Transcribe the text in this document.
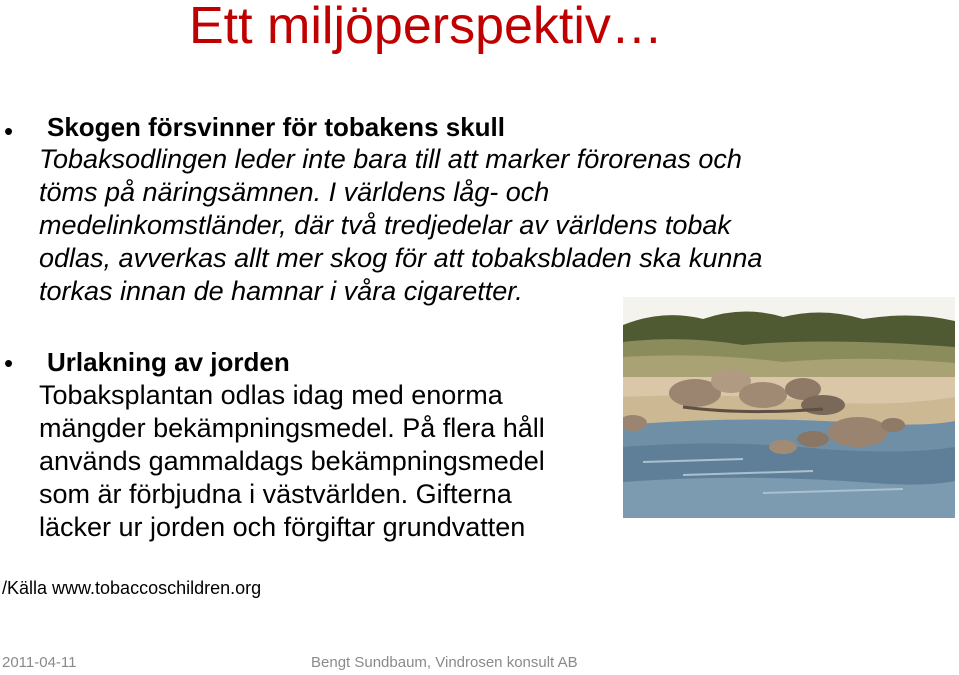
Ett miljöperspektiv…
• Skogen försvinner för tobakens skull
Tobaksodlingen leder inte bara till att marker förorenas och
töms på näringsämnen. I världens låg- och
medelinkomstländer, där två tredjedelar av världens tobak
odlas, avverkas allt mer skog för att tobaksbladen ska kunna
torkas innan de hamnar i våra cigaretter.
• Urlakning av jorden
Tobaksplantan odlas idag med enorma
mängder bekämpningsmedel. På flera håll
används gammaldags bekämpningsmedel
som är förbjudna i västvärlden. Gifterna
läcker ur jorden och förgiftar grundvatten
/Källa www.tobaccoschildren.org
2011-04-11	Bengt Sundbaum, Vindrosen konsult AB
